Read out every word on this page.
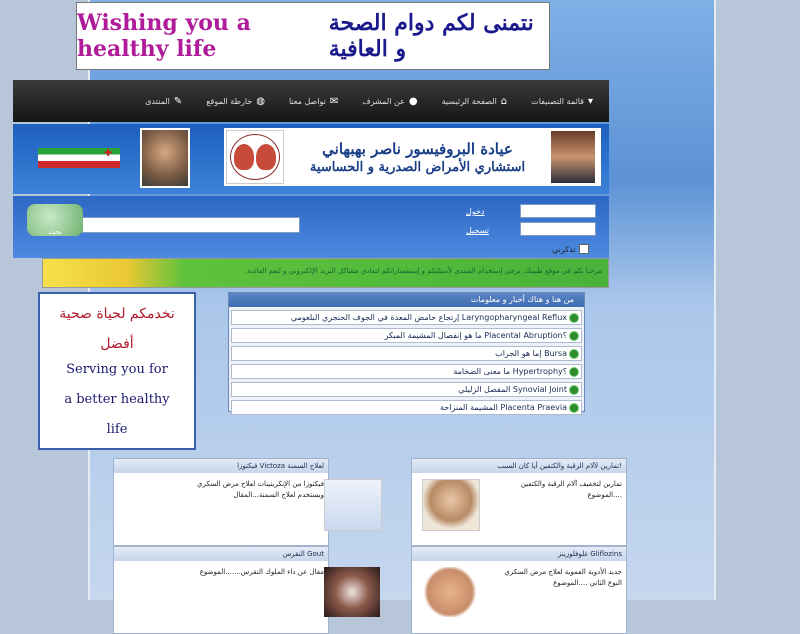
Wishing you a healthy life
نتمنى لكم دوام الصحة و العافية
قائمة التصنيفات ▾
الصفحة الرئيسية ⌂
عن المشرف ●
تواصل معنا ✉
خارطة الموقع ◍
المنتدى ✎
✚	عيادة البروفيسور ناصر بهبهاني
استشاري الأمراض الصدرية و الحساسية
دخول
تسجيل
تذكرني
بحث
مرحبا بكم في موقع طبيبك. يرجى إستخدام المنتدى لأستلتكم و إستفساراتكم لتفادي مشاكل البريد الإلكتروني و لتعم الفائدة.
نخدمكم لحياة صحية
أفضل
Serving you for
a better healthy
life
من هنا و هناك أخبار و معلومات
إرتجاع حامض المعدة في الجوف الحنجري البلعومي Laryngopharyngeal Reflux
ما هو إنفصال المشيمة المبكر Placental Abruption؟
إما هو الجراب Bursa
ما معنى الضخامة Hypertrophy؟
المفصل الزليلي Synovial Joint
المشيمة المنزاحة Placenta Praevia
تمارين لآلام الرقبة والكتفين أيا كان السبب!
تمارين لتخفيف آلام الرقبة والكتفين ....الموضوع
فيكتوزا Victoza لعلاج السمنة
فيكتوزا من الإنكريتينات لعلاج مرض السكري ويستخدم لعلاج السمنة...المقال
غلوفلوزينز Gliflozins
جديد الأدوية الفموية لعلاج مرض السكري النوع الثاني ....الموضوع
النقرس Gout
مقال عن داء الملوك النقرس.......الموضوع
